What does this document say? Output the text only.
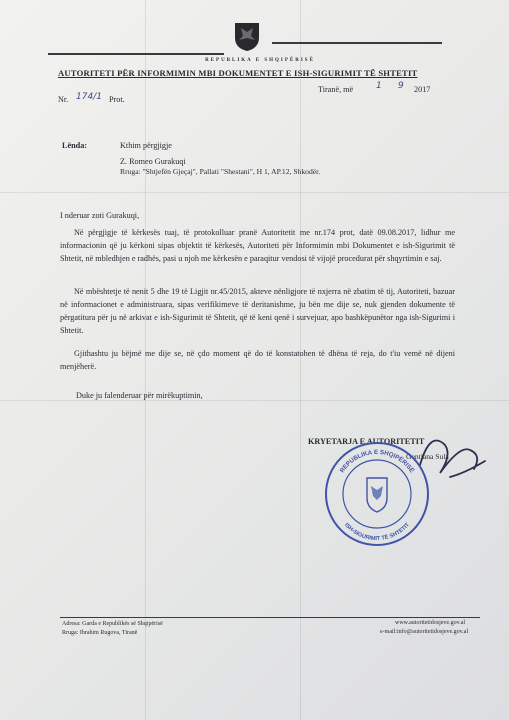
REPUBLIKA E SHQIPËRISË
AUTORITETI PËR INFORMIMIN MBI DOKUMENTET E ISH-SIGURIMIT TË SHTETIT
Nr. 174/1 Prot.
Tiranë, më	1 9 2017
Lënda:	Kthim përgjigje
Z. Romeo Gurakuqi
Rruga: "Shtjefën Gjeçaj", Pallati "Shestani", H 1, AP.12, Shkodër.
I nderuar zoti Gurakuqi,
Në përgjigje të kërkesës tuaj, të protokolluar pranë Autoritetit me nr.174 prot, datë 09.08.2017, lidhur me informacionin që ju kërkoni sipas objektit të kërkesës, Autoriteti për Informimin mbi Dokumentet e ish-Sigurimit të Shtetit, në mbledhjen e radhës, pasi u njoh me kërkesën e paraqitur vendosi të vijojë procedurat për shqyrtimin e saj.
Në mbështetje të nenit 5 dhe 19 të Ligjit nr.45/2015, akteve nënligjore të nxjerra në zbatim të tij, Autoriteti, bazuar në informacionet e administruara, sipas verifikimeve të deritanishme, ju bën me dije se, nuk gjenden dokumente të përgatitura për ju në arkivat e ish-Sigurimit të Shtetit, që të keni qenë i survejuar, apo bashkëpunëtor nga ish-Sigurimi i Shtetit.
Gjithashtu ju bëjmë me dije se, në çdo moment që do të konstatohen të dhëna të reja, do t'iu vemë në dijeni menjëherë.
Duke ju falenderuar për mirëkuptimin,
KRYETARJA E AUTORITETIT
Gentiana Sula
REPUBLIKA E SHQIPËRISË
ISH-SIGURIMIT TË SHTETIT
Adresa: Garda e Republikës së Shqipërisë
Rruga: Ibrahim Rugova, Tiranë
www.autoritetidosjeve.gov.al
e-mail:info@autoritetidosjeve.gov.al
